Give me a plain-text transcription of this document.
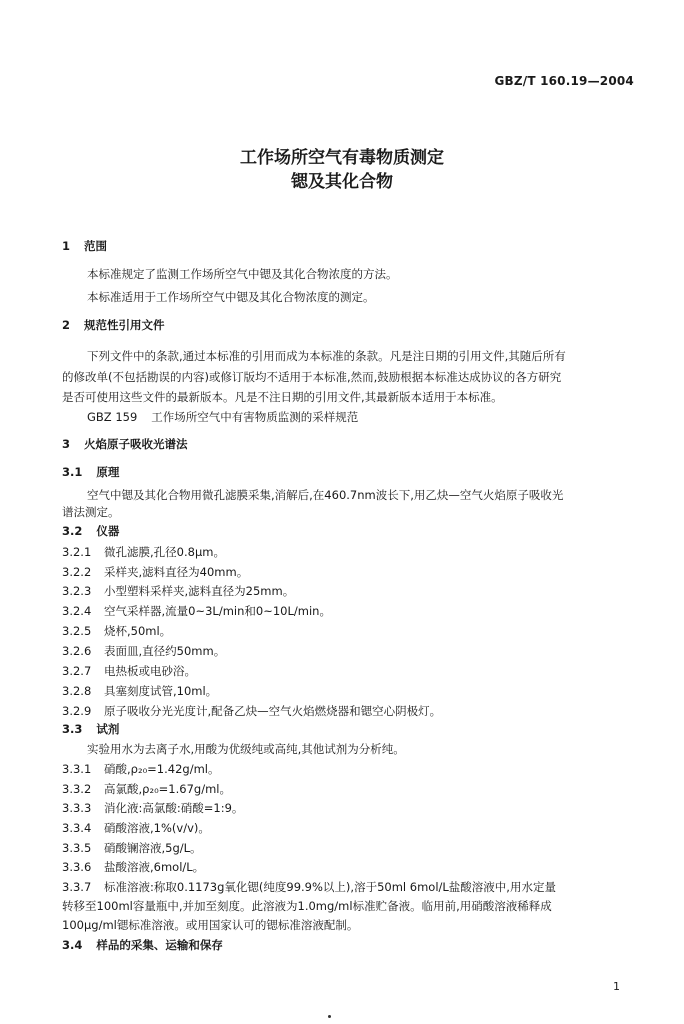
GBZ/T 160.19—2004
工作场所空气有毒物质测定
锶及其化合物
1 范围
本标准规定了监测工作场所空气中锶及其化合物浓度的方法。
本标准适用于工作场所空气中锶及其化合物浓度的测定。
2 规范性引用文件
下列文件中的条款,通过本标准的引用而成为本标准的条款。凡是注日期的引用文件,其随后所有
的修改单(不包括勘误的内容)或修订版均不适用于本标准,然而,鼓励根据本标准达成协议的各方研究
是否可使用这些文件的最新版本。凡是不注日期的引用文件,其最新版本适用于本标准。
GBZ 159 工作场所空气中有害物质监测的采样规范
3 火焰原子吸收光谱法
3.1 原理
空气中锶及其化合物用微孔滤膜采集,消解后,在460.7nm波长下,用乙炔—空气火焰原子吸收光
谱法测定。
3.2 仪器
3.2.1 微孔滤膜,孔径0.8μm。
3.2.2 采样夹,滤料直径为40mm。
3.2.3 小型塑料采样夹,滤料直径为25mm。
3.2.4 空气采样器,流量0~3L/min和0~10L/min。
3.2.5 烧杯,50ml。
3.2.6 表面皿,直径约50mm。
3.2.7 电热板或电砂浴。
3.2.8 具塞刻度试管,10ml。
3.2.9 原子吸收分光光度计,配备乙炔—空气火焰燃烧器和锶空心阴极灯。
3.3 试剂
实验用水为去离子水,用酸为优级纯或高纯,其他试剂为分析纯。
3.3.1 硝酸,ρ₂₀=1.42g/ml。
3.3.2 高氯酸,ρ₂₀=1.67g/ml。
3.3.3 消化液:高氯酸:硝酸=1:9。
3.3.4 硝酸溶液,1%(v/v)。
3.3.5 硝酸镧溶液,5g/L。
3.3.6 盐酸溶液,6mol/L。
3.3.7 标准溶液:称取0.1173g氧化锶(纯度99.9%以上),溶于50ml 6mol/L盐酸溶液中,用水定量
转移至100ml容量瓶中,并加至刻度。此溶液为1.0mg/ml标准贮备液。临用前,用硝酸溶液稀释成
100μg/ml锶标准溶液。或用国家认可的锶标准溶液配制。
3.4 样品的采集、运输和保存
1
